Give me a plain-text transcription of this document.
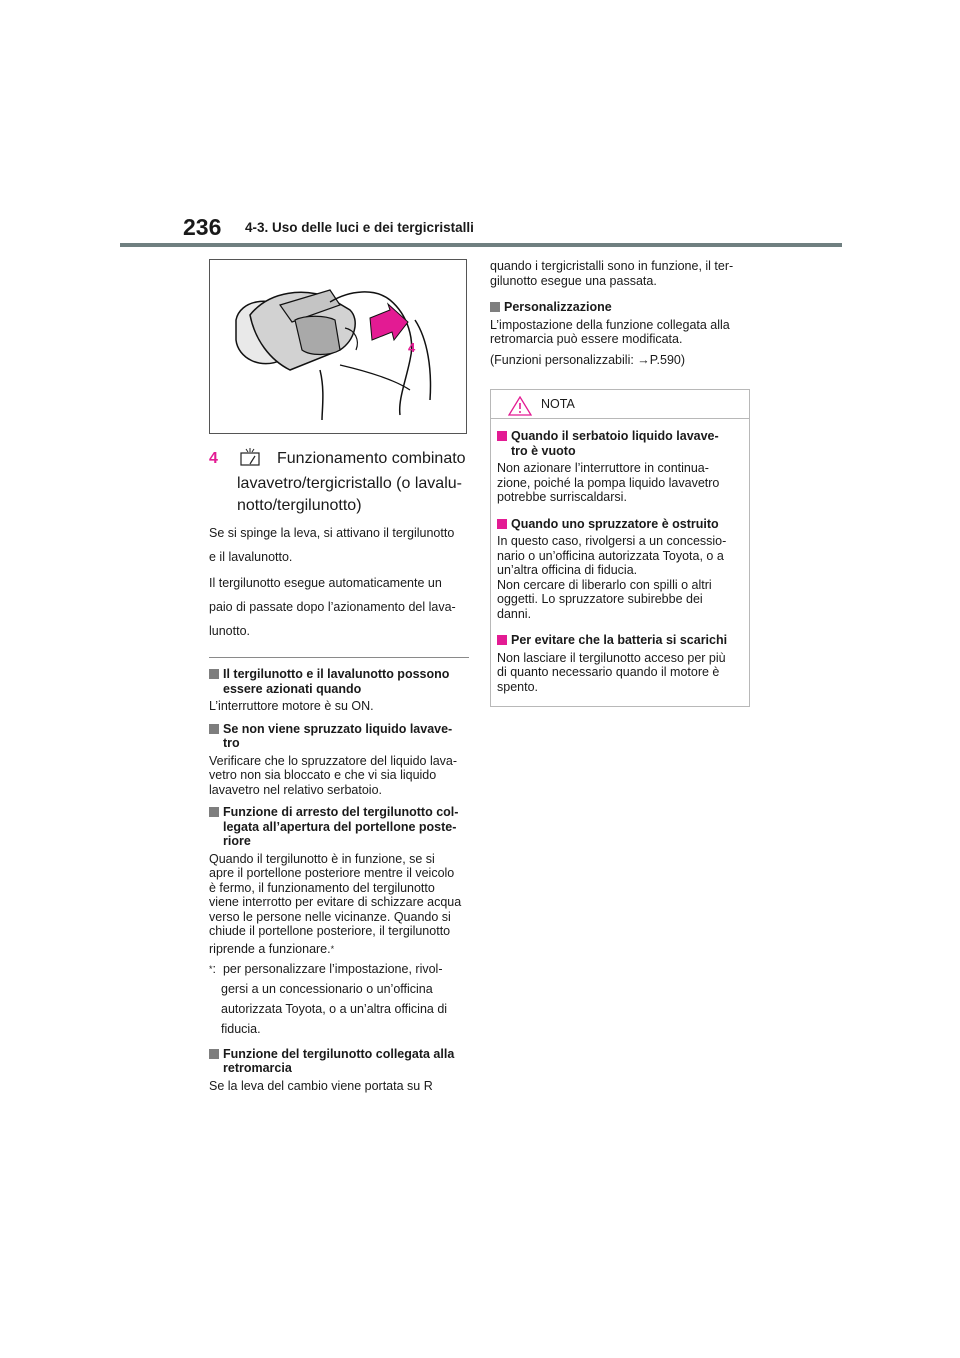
236 4-3. Uso delle luci e dei tergicristalli
4
4	Funzionamento combinato
lavavetro/tergicristallo (o lavalu-
notto/tergilunotto)
Se si spinge la leva, si attivano il tergilunotto
e il lavalunotto.
Il tergilunotto esegue automaticamente un
paio di passate dopo l’azionamento del lava-
lunotto.
Il tergilunotto e il lavalunotto possono
essere azionati quando
L’interruttore motore è su ON.
Se non viene spruzzato liquido lavave-
tro
Verificare che lo spruzzatore del liquido lava-
vetro non sia bloccato e che vi sia liquido
lavavetro nel relativo serbatoio.
Funzione di arresto del tergilunotto col-
legata all’apertura del portellone poste-
riore
Quando il tergilunotto è in funzione, se si
apre il portellone posteriore mentre il veicolo
è fermo, il funzionamento del tergilunotto
viene interrotto per evitare di schizzare acqua
verso le persone nelle vicinanze. Quando si
chiude il portellone posteriore, il tergilunotto
riprende a funzionare.*
*: per personalizzare l’impostazione, rivol-
gersi a un concessionario o un’officina
autorizzata Toyota, o a un’altra officina di
fiducia.
Funzione del tergilunotto collegata alla
retromarcia
Se la leva del cambio viene portata su R
quando i tergicristalli sono in funzione, il ter-
gilunotto esegue una passata.
Personalizzazione
L’impostazione della funzione collegata alla
retromarcia può essere modificata.
(Funzioni personalizzabili: →P.590)
NOTA
Quando il serbatoio liquido lavave-
tro è vuoto
Non azionare l’interruttore in continua-
zione, poiché la pompa liquido lavavetro
potrebbe surriscaldarsi.
Quando uno spruzzatore è ostruito
In questo caso, rivolgersi a un concessio-
nario o un’officina autorizzata Toyota, o a
un’altra officina di fiducia.
Non cercare di liberarlo con spilli o altri
oggetti. Lo spruzzatore subirebbe dei
danni.
Per evitare che la batteria si scarichi
Non lasciare il tergilunotto acceso per più
di quanto necessario quando il motore è
spento.
